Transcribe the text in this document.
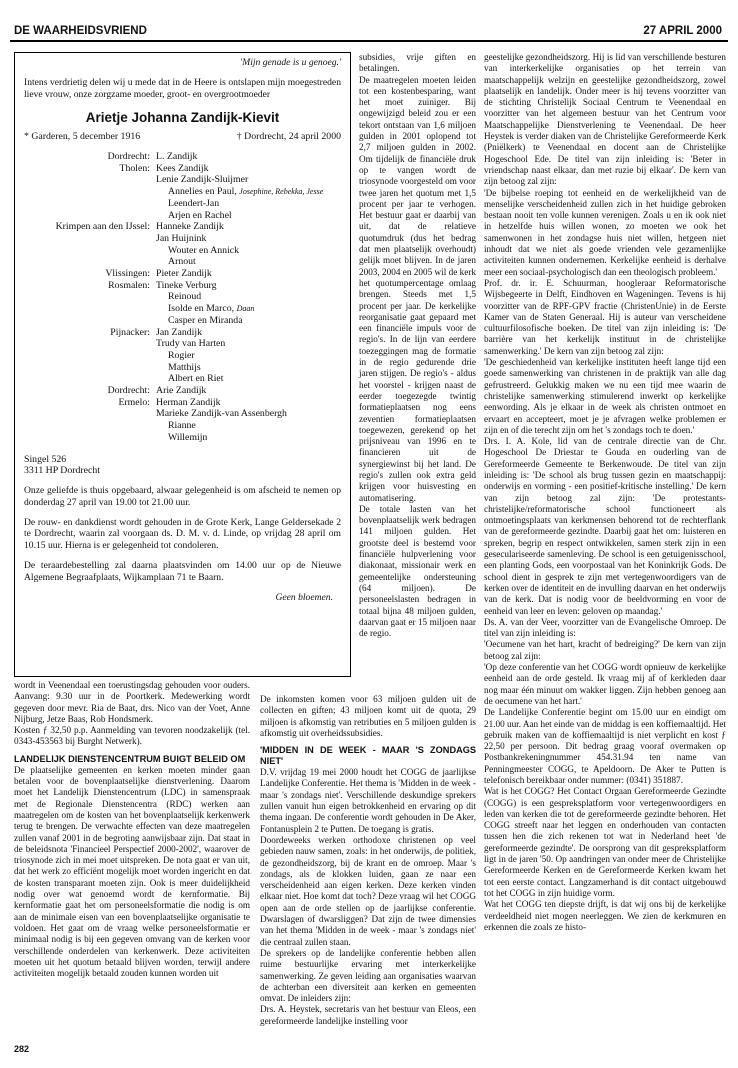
DE WAARHEIDSVRIEND	27 APRIL 2000
'Mijn genade is u genoeg.'
Intens verdrietig delen wij u mede dat in de Heere is ontslapen mijn moegestreden lieve vrouw, onze zorgzame moeder, groot- en overgrootmoeder
Arietje Johanna Zandijk-Kievit
* Garderen, 5 december 1916	† Dordrecht, 24 april 2000
Dordrecht: L. Zandijk
Tholen: Kees Zandijk
Lenie Zandijk-Sluijmer
Annelies en Paul, Josephine, Rebekka, Jesse
Leendert-Jan
Arjen en Rachel
Krimpen aan den IJssel: Hanneke Zandijk
Jan Huijnink
Wouter en Annick
Arnout
Vlissingen: Pieter Zandijk
Rosmalen: Tineke Verburg
Reinoud
Isolde en Marco, Daan
Casper en Miranda
Pijnacker: Jan Zandijk
Trudy van Harten
Rogier
Matthijs
Albert en Riet
Dordrecht: Arie Zandijk
Ermelo: Herman Zandijk
Marieke Zandijk-van Assenbergh
Rianne
Willemijn
Singel 526
3311 HP Dordrecht
Onze geliefde is thuis opgebaard, alwaar gelegenheid is om afscheid te nemen op donderdag 27 april van 19.00 tot 21.00 uur.
De rouw- en dankdienst wordt gehouden in de Grote Kerk, Lange Geldersekade 2 te Dordrecht, waarin zal voorgaan ds. D. M. v. d. Linde, op vrijdag 28 april om 10.15 uur. Hierna is er gelegenheid tot condoleren.
De teraardebestelling zal daarna plaatsvinden om 14.00 uur op de Nieuwe Algemene Begraafplaats, Wijkamplaan 71 te Baarn.
Geen bloemen.

wordt in Veenendaal een toerustingsdag gehouden voor ouders. Aanvang: 9.30 uur in de Poortkerk. Medewerking wordt gegeven door mevr. Ria de Baat, drs. Nico van der Voet, Anne Nijburg, Jetze Baas, Rob Hondsmerk.

Kosten ƒ 32,50 p.p. Aanmelding van tevoren noodzakelijk (tel. 0343-453563 bij Burght Netwerk).

LANDELIJK DIENSTENCENTRUM BUIGT BELEID OM

De plaatselijke gemeenten en kerken moeten minder gaan betalen voor de bovenplaatselijke dienstverlening. Daarom moet het Landelijk Dienstencentrum (LDC) in samenspraak met de Regionale Dienstencentra (RDC) werken aan maatregelen om de kosten van het bovenplaatselijk kerkenwerk terug te brengen. De verwachte effecten van deze maatregelen zullen vanaf 2001 in de begroting aanwijsbaar zijn. Dat staat in de beleidsnota 'Financieel Perspectief 2000-2002', waarover de triosynode zich in mei moet uitspreken. De nota gaat er van uit, dat het werk zo efficiënt mogelijk moet worden ingericht en dat de kosten transparant moeten zijn. Ook is meer duidelijkheid nodig over wat genoemd wordt de kernformatie. Bij kernformatie gaat het om personeelsformatie die nodig is om aan de minimale eisen van een bovenplaatselijke organisatie te voldoen. Het gaat om de vraag welke personeelsformatie er minimaal nodig is bij een gegeven omvang van de kerken voor verschillende onderdelen van kerkenwerk. Deze activiteiten moeten uit het quotum betaald blijven worden, terwijl andere activiteiten mogelijk betaald zouden kunnen worden uit

subsidies, vrije giften en betalingen.

De maatregelen moeten leiden tot een kostenbesparing, want het moet zuiniger. Bij ongewijzigd beleid zou er een tekort ontstaan van 1,6 miljoen gulden in 2001 oplopend tot 2,7 miljoen gulden in 2002. Om tijdelijk de financiële druk op te vangen wordt de triosynode voorgesteld om voor twee jaren het quotum met 1,5 procent per jaar te verhogen. Het bestuur gaat er daarbij van uit, dat de relatieve quotumdruk (dus het bedrag dat men plaatselijk overhoudt) gelijk moet blijven. In de jaren 2003, 2004 en 2005 wil de kerk het quotumpercentage omlaag brengen. Steeds met 1,5 procent per jaar. De kerkelijke reorganisatie gaat gepaard met een financiële impuls voor de regio's. In de lijn van eerdere toezeggingen mag de formatie in de regio gedurende drie jaren stijgen. De regio's - aldus het voorstel - krijgen naast de eerder toegezegde twintig formatieplaatsen nog eens zeventien formatieplaatsen toegewezen, gerekend op het prijsniveau van 1996 en te financieren uit de synergiewinst bij het land. De regio's zullen ook extra geld krijgen voor huisvesting en automatisering.

De totale lasten van het bovenplaatselijk werk bedragen 141 miljoen gulden. Het grootste deel is bestemd voor financiële hulpverlening voor diakonaat, missionair werk en gemeentelijke ondersteuning (64 miljoen). De personeelslasten bedragen in totaal bijna 48 miljoen gulden, daarvan gaat er 15 miljoen naar de regio.

De inkomsten komen voor 63 miljoen gulden uit de collecten en giften; 43 miljoen komt uit de quota, 29 miljoen is afkomstig van retributies en 5 miljoen gulden is afkomstig uit overheidssubsidies.

'MIDDEN IN DE WEEK - MAAR 'S ZONDAGS NIET'

D.V. vrijdag 19 mei 2000 houdt het COGG de jaarlijkse Landelijke Conferentie. Het thema is 'Midden in de week - maar 's zondags niet'. Verschillende deskundige sprekers zullen vanuit hun eigen betrokkenheid en ervaring op dit thema ingaan. De conferentie wordt gehouden in De Aker, Fontanusplein 2 te Putten. De toegang is gratis.

Doordeweeks werken orthodoxe christenen op veel gebieden nauw samen, zoals: in het onderwijs, de politiek, de gezondheidszorg, bij de krant en de omroep. Maar 's zondags, als de klokken luiden, gaan ze naar een verscheidenheid aan eigen kerken. Deze kerken vinden elkaar niet. Hoe komt dat toch? Deze vraag wil het COGG open aan de orde stellen op de jaarlijkse conferentie. Dwarslagen of dwarsliggen? Dat zijn de twee dimensies van het thema 'Midden in de week - maar 's zondags niet' die centraal zullen staan.

De sprekers op de landelijke conferentie hebben allen ruime bestuurlijke ervaring met interkerkelijke samenwerking. Ze geven leiding aan organisaties waarvan de achterban een diversiteit aan kerken en gemeenten omvat. De inleiders zijn:

Drs. A. Heystek, secretaris van het bestuur van Eleos, een gereformeerde landelijke instelling voor

geestelijke gezondheidszorg. Hij is lid van verschillende besturen van interkerkelijke organisaties op het terrein van maatschappelijk welzijn en geestelijke gezondheidszorg, zowel plaatselijk en landelijk. Onder meer is hij tevens voorzitter van de stichting Christelijk Sociaal Centrum te Veenendaal en voorzitter van het algemeen bestuur van het Centrum voor Maatschappelijke Dienstverlening te Veenendaal. De heer Heystek is verder diaken van de Christelijke Gereformeerde Kerk (Pniëlkerk) te Veenendaal en docent aan de Christelijke Hogeschool Ede. De titel van zijn inleiding is: 'Beter in vriendschap naast elkaar, dan met ruzie bij elkaar'. De kern van zijn betoog zal zijn:

'De bijbelse roeping tot eenheid en de werkelijkheid van de menselijke verscheidenheid zullen zich in het huidige gebroken bestaan nooit ten volle kunnen verenigen. Zoals u en ik ook niet in hetzelfde huis willen wonen, zo moeten we ook het samenwonen in het zondagse huis niet willen, hetgeen niet inhoudt dat we niet als goede vrienden vele gezamenlijke activiteiten kunnen ondernemen. Kerkelijke eenheid is derhalve meer een sociaal-psychologisch dan een theologisch probleem.'

Prof. dr. ir. E. Schuurman, hoogleraar Reformatorische Wijsbegeerte in Delft, Eindhoven en Wageningen. Tevens is hij voorzitter van de RPF-GPV fractie (ChristenUnie) in de Eerste Kamer van de Staten Generaal. Hij is auteur van verscheidene cultuurfilosofische boeken. De titel van zijn inleiding is: 'De barrière van het kerkelijk instituut in de christelijke samenwerking.' De kern van zijn betoog zal zijn:

'De geschiedenheid van kerkelijke instituten heeft lange tijd een goede samenwerking van christenen in de praktijk van alle dag gefrustreerd. Gelukkig maken we nu een tijd mee waarin de christelijke samenwerking stimulerend inwerkt op kerkelijke eenwording. Als je elkaar in de week als christen ontmoet en ervaart en accepteert, moet je je afvragen welke problemen er zijn en of die terecht zijn om het 's zondags toch te doen.'

Drs. I. A. Kole, lid van de centrale directie van de Chr. Hogeschool De Driestar te Gouda en ouderling van de Gereformeerde Gemeente te Berkenwoude. De titel van zijn inleiding is: 'De school als brug tussen gezin en maatschappij: onderwijs en vorming - een positief-kritische instelling.' De kern van zijn betoog zal zijn: 'De protestants-christelijke/reformatorische school functioneert als ontmoetingsplaats van kerkmensen behorend tot de rechterflank van de gereformeerde gezindte. Daarbij gaat het om: luisteren en spreken, begrip en respect ontwikkelen, samen sterk zijn in een geseculariseerde samenleving. De school is een getuigenisschool, een planting Gods, een voorpostaal van het Koninkrijk Gods. De school dient in gesprek te zijn met vertegenwoordigers van de kerken over de identiteit en de invulling daarvan en het onderwijs van de kerk. Dat is nodig voor de beeldvorming en voor de eenheid van leer en leven: geloven op maandag.'

Ds. A. van der Veer, voorzitter van de Evangelische Omroep. De titel van zijn inleiding is:

'Oecumene van het hart, kracht of bedreiging?' De kern van zijn betoog zal zijn:

'Op deze conferentie van het COGG wordt opnieuw de kerkelijke eenheid aan de orde gesteld. Ik vraag mij af of kerkleden daar nog maar één minuut om wakker liggen. Zijn hebben genoeg aan de oecumene van het hart.'

De Landelijke Conferentie begint om 15.00 uur en eindigt om 21.00 uur. Aan het einde van de middag is een koffiemaaltijd. Het gebruik maken van de koffiemaaltijd is niet verplicht en kost ƒ 22,50 per persoon. Dit bedrag graag vooraf overmaken op Postbankrekeningnummer 454.31.94 ten name van Penningmeester COGG, te Apeldoorn. De Aker te Putten is telefonisch bereikbaar onder nummer: (0341) 351887.

Wat is het COGG? Het Contact Orgaan Gereformeerde Gezindte (COGG) is een gespreksplatform voor vertegenwoordigers en leden van kerken die tot de gereformeerde gezindte behoren. Het COGG streeft naar het leggen en onderhouden van contacten tussen hen die zich rekenen tot wat in Nederland heet 'de gereformeerde gezindte'. De oorsprong van dit gespreksplatform ligt in de jaren '50. Op aandringen van onder meer de Christelijke Gereformeerde Kerken en de Gereformeerde Kerken kwam het tot een eerste contact. Langzamerhand is dit contact uitgebouwd tot het COGG in zijn huidige vorm.

Wat het COGG ten diepste drijft, is dat wij ons bij de kerkelijke verdeeldheid niet mogen neerleggen. We zien de kerkmuren en erkennen die zoals ze histo-

282
